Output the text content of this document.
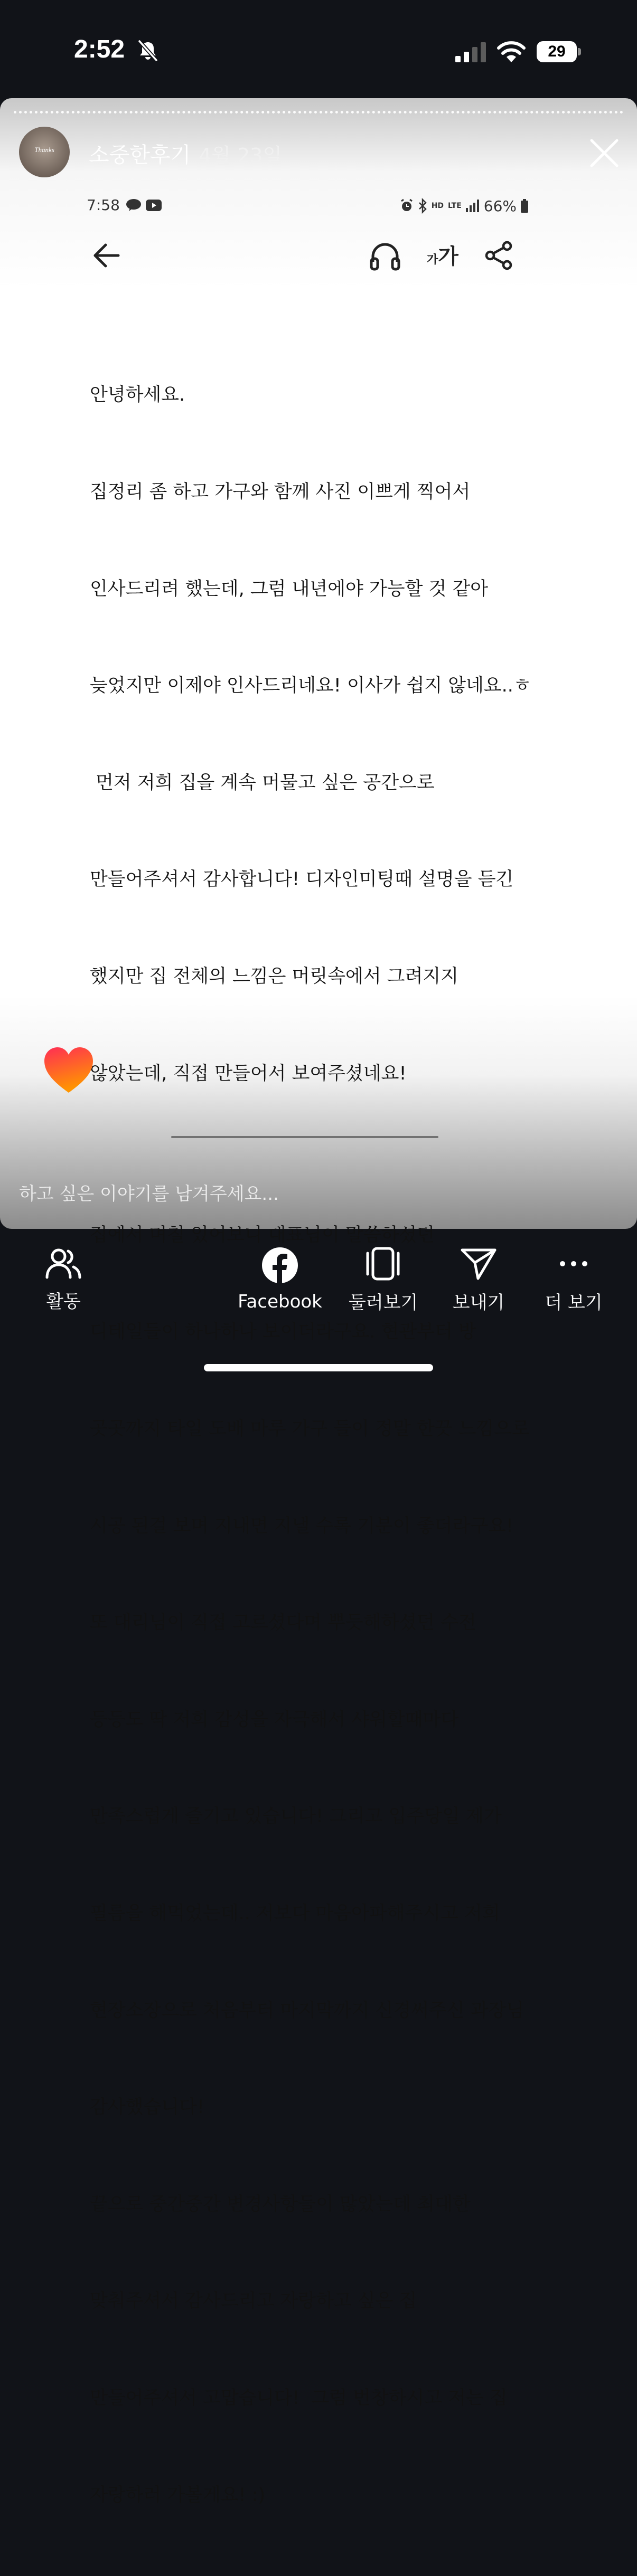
2:52	29
Thanks	소중한후기 4월 23일
7:58	HD LTE 66%
가가

안녕하세요.

집정리 좀 하고 가구와 함께 사진 이쁘게 찍어서

인사드리려 했는데, 그럼 내년에야 가능할 것 같아

늦었지만 이제야 인사드리네요! 이사가 쉽지 않네요..ㅎ

먼저 저희 집을 계속 머물고 싶은 공간으로

만들어주셔서 감사합니다! 디자인미팅때 설명을 듣긴

했지만 집 전체의 느낌은 머릿속에서 그려지지

않았는데, 직접 만들어서 보여주셨네요!

집에서 며칠 있어보니 대표님이 말씀하셨던

디테일들이 하나하나 보이더라구요. 현관부터 방

곳곳까지 타일 도배 마루 가구 들이 정말 한끗 느낌으로

시공 된걸 보며 지내면 지낼 수록 기분이 좋더라구요!

또 대리님이 직접 고르셨다며 뿌듯해하셨던 수전

등등도 딱 저희 감성을 자극해서 샤워할때마다

만족스럽게 즐기고 있습니다! 그리고 입주당일 제가

필름을 해먹었는데.. 저보다 마음아파해주시고 저희

현장소장으로 처음부터 마지막까지 신경써주신 과장님

감사했습니다!

끝으로 중간중간 변경사항들이 많았는데 최대한

맞춰주셔서 감사드리고 자랑하고 싶은 집

만들어주셔서 고맙습니다!  그럼 번창하시고 저는 집

자랑하러 가볼게요! :)

하고 싶은 이야기를 남겨주세요...
활동	Facebook 둘러보기	보내기	더 보기
